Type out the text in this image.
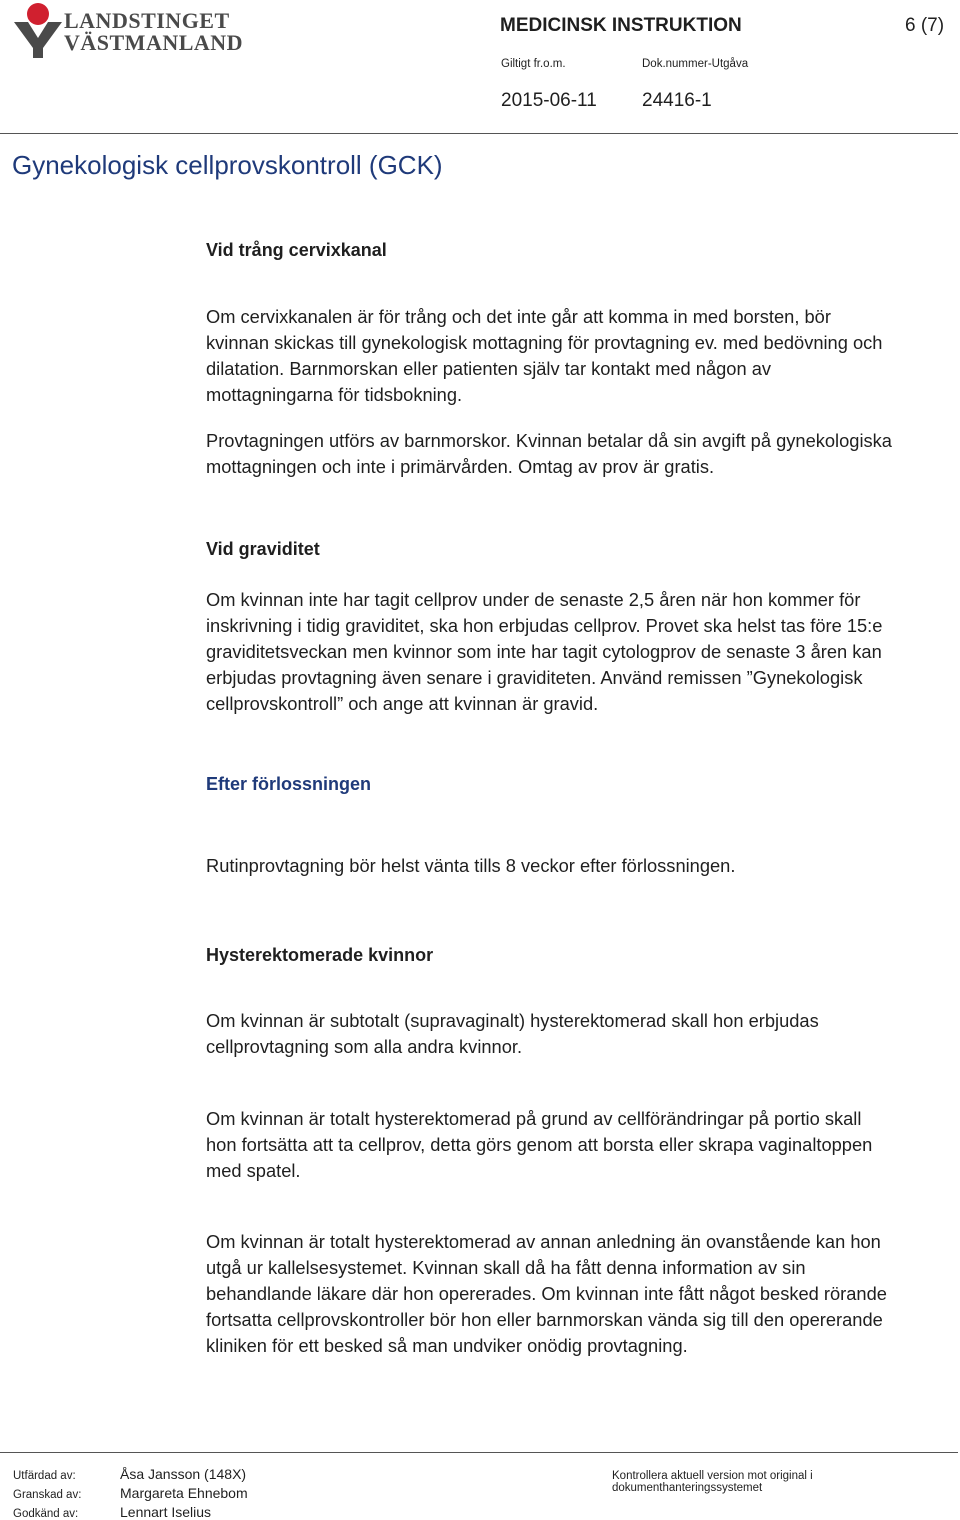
LANDSTINGET
VÄSTMANLAND
MEDICINSK INSTRUKTION	6 (7)
Giltigt fr.o.m.	Dok.nummer-Utgåva
2015-06-11 24416-1
Gynekologisk cellprovskontroll (GCK)
Vid trång cervixkanal
Om cervixkanalen är för trång och det inte går att komma in med borsten, bör
kvinnan skickas till gynekologisk mottagning för provtagning ev. med bedövning och
dilatation. Barnmorskan eller patienten själv tar kontakt med någon av
mottagningarna för tidsbokning.
Provtagningen utförs av barnmorskor. Kvinnan betalar då sin avgift på gynekologiska
mottagningen och inte i primärvården. Omtag av prov är gratis.
Vid graviditet
Om kvinnan inte har tagit cellprov under de senaste 2,5 åren när hon kommer för
inskrivning i tidig graviditet, ska hon erbjudas cellprov. Provet ska helst tas före 15:e
graviditetsveckan men kvinnor som inte har tagit cytologprov de senaste 3 åren kan
erbjudas provtagning även senare i graviditeten. Använd remissen ”Gynekologisk
cellprovskontroll” och ange att kvinnan är gravid.
Efter förlossningen
Rutinprovtagning bör helst vänta tills 8 veckor efter förlossningen.
Hysterektomerade kvinnor
Om kvinnan är subtotalt (supravaginalt) hysterektomerad skall hon erbjudas
cellprovtagning som alla andra kvinnor.
Om kvinnan är totalt hysterektomerad på grund av cellförändringar på portio skall
hon fortsätta att ta cellprov, detta görs genom att borsta eller skrapa vaginaltoppen
med spatel.
Om kvinnan är totalt hysterektomerad av annan anledning än ovanstående kan hon
utgå ur kallelsesystemet. Kvinnan skall då ha fått denna information av sin
behandlande läkare där hon opererades. Om kvinnan inte fått något besked rörande
fortsatta cellprovskontroller bör hon eller barnmorskan vända sig till den opererande
kliniken för ett besked så man undviker onödig provtagning.
Utfärdad av:	Åsa Jansson (148X)
Granskad av:	Margareta Ehnebom
Godkänd av:	Lennart Iselius
Kontrollera aktuell version mot original i dokumenthanteringssystemet
